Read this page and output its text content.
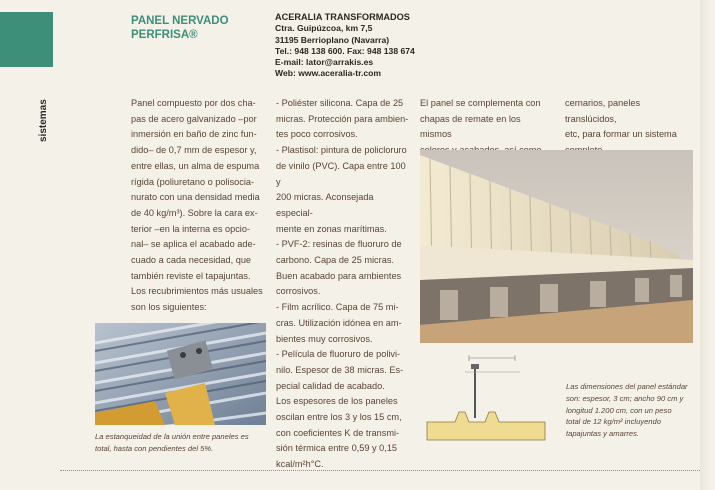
sistemas
PANEL NERVADO
PERFRISA®
ACERALIA TRANSFORMADOS
Ctra. Guipúzcoa, km 7,5
31195 Berrioplano (Navarra)
Tel.: 948 138 600. Fax: 948 138 674
E-mail: lator@arrakis.es
Web: www.aceralia-tr.com

Panel compuesto por dos cha-

pas de acero galvanizado –por

inmersión en baño de zinc fun-

dido– de 0,7 mm de espesor y,

entre ellas, un alma de espuma

rígida (poliuretano o polisocia-

nurato con una densidad media

de 40 kg/m³). Sobre la cara ex-

terior –en la interna es opcio-

nal– se aplica el acabado ade-

cuado a cada necesidad, que

también reviste el tapajuntas.

Los recubrimientos más usuales

son los siguientes:

- Poliéster silicona. Capa de 25

micras. Protección para ambien-

tes poco corrosivos.

- Plastisol: pintura de policloruro

de vinilo (PVC). Capa entre 100 y

200 micras. Aconsejada especial-

mente en zonas marítimas.

- PVF-2: resinas de fluoruro de

carbono. Capa de 25 micras.

Buen acabado para ambientes

corrosivos.

- Film acrílico. Capa de 75 mi-

cras. Utilización idónea en am-

bientes muy corrosivos.

- Película de fluoruro de polivi-

nilo. Espesor de 38 micras. Es-

pecial calidad de acabado.

Los espesores de los paneles

oscilan entre los 3 y los 15 cm,

con coeficientes K de transmi-

sión térmica entre 0,59 y 0,15

kcal/m²h°C.

El panel se complementa con

chapas de remate en los mismos

cernarios, paneles translúcidos,

etc, para formar un sistema

La estanqueidad de la unión entre paneles es
total, hasta con pendientes del 5%.
Las dimensiones del panel estándar
son: espesor, 3 cm; ancho 90 cm y
longitud 1.200 cm, con un peso
total de 12 kg/m² incluyendo
tapajuntas y amarres.
